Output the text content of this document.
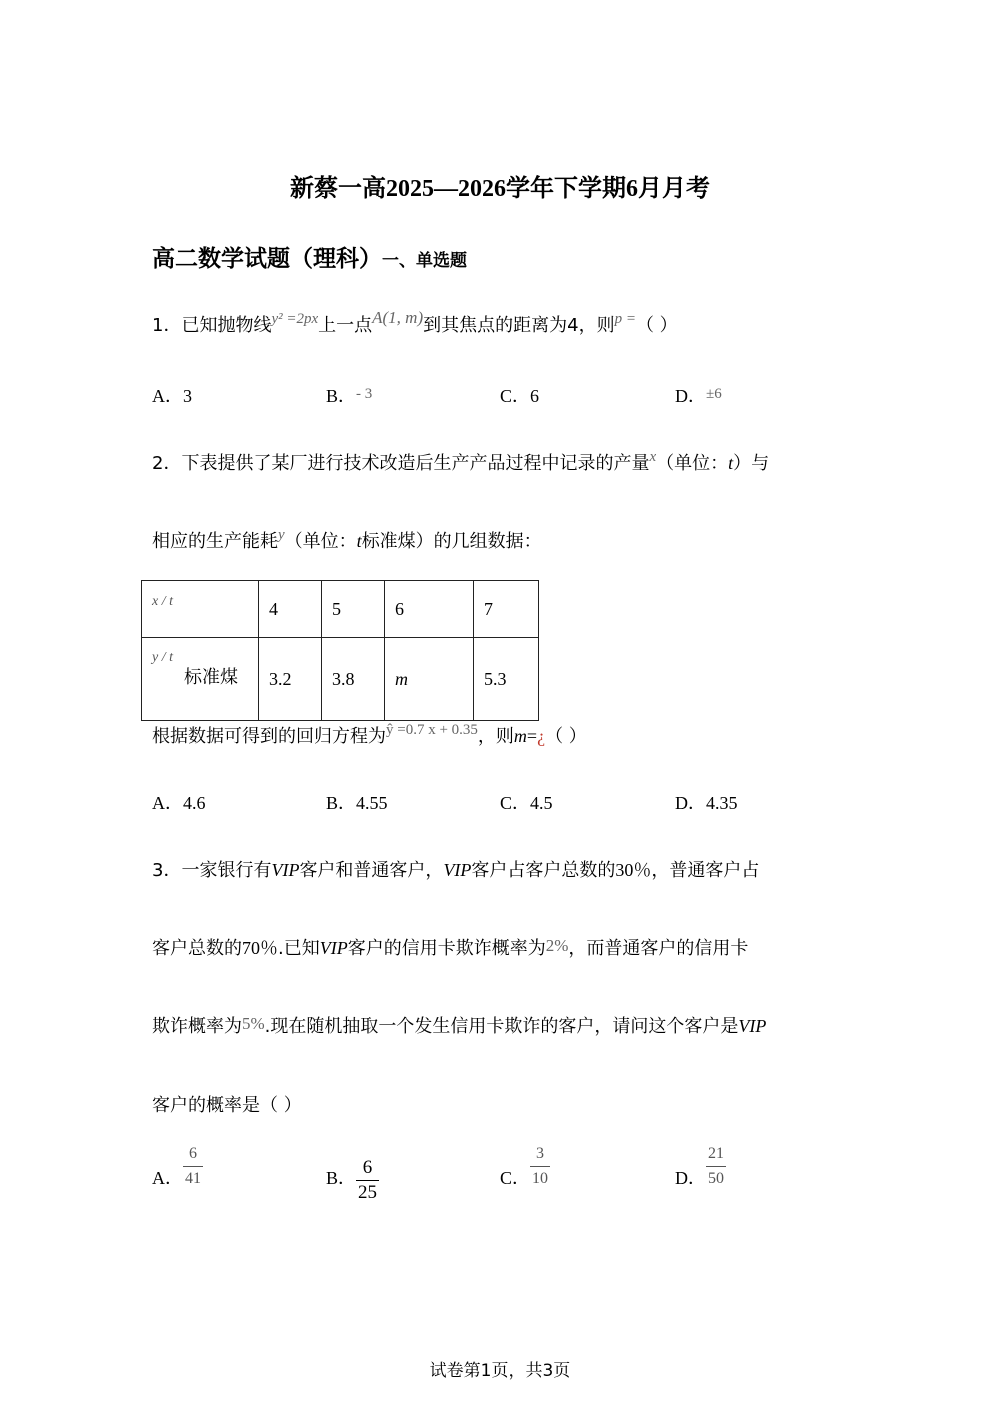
新蔡一高2025—2026学年下学期6月月考
高二数学试题（理科）一、单选题
1．已知抛物线$^{y^2 =2px}$上一点A(1, m)到其焦点的距离为4，则$^{p =}$（ ）
A．3	B．$^{- 3}$	C．6	D．$^{\pm 6}$
2．下表提供了某厂进行技术改造后生产产品过程中记录的产量$^x$（单位：t）与
相应的生产能耗$^y$（单位：t标准煤）的几组数据：
x / t	4	5	6	7
y / t
标准煤	3.2	3.8	m	5.3
根据数据可得到的回归方程为$^{ŷ =0.7 x + 0.35}$，则m=¿（ ）
A．4.6	B．4.55	C．4.5	D．4.35
3．一家银行有VIP客户和普通客户，VIP客户占客户总数的30％，普通客户占
客户总数的70％.已知VIP客户的信用卡欺诈概率为2%，而普通客户的信用卡
欺诈概率为5%.现在随机抽取一个发生信用卡欺诈的客户，请问这个客户是VIP
客户的概率是（ ）
A． $\frac{6}{41}$	B． $\frac{6}{25}$	C． $\frac{3}{10}$	D． $\frac{21}{50}$
试卷第1页，共3页
